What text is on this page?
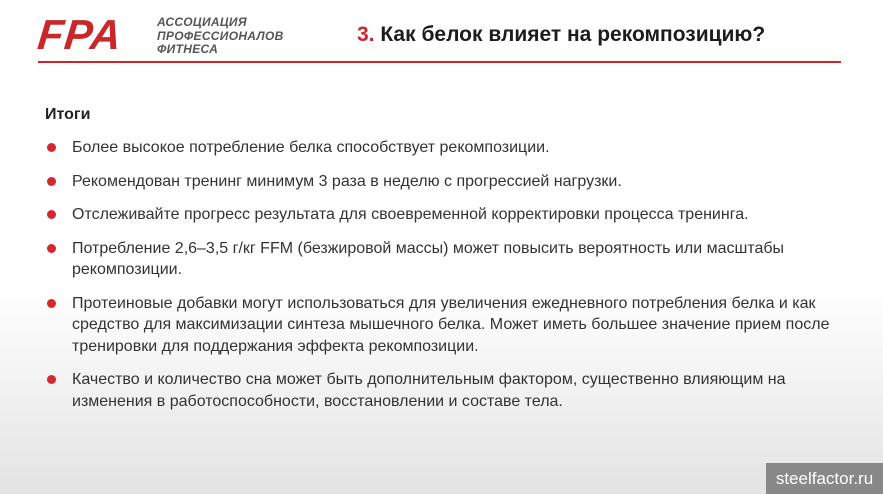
FPA	АССОЦИАЦИЯ
ПРОФЕССИОНАЛОВ
ФИТНЕСА
3. Как белок влияет на рекомпозицию?
Итоги
Более высокое потребление белка способствует рекомпозиции.
Рекомендован тренинг минимум 3 раза в неделю с прогрессией нагрузки.
Отслеживайте прогресс результата для своевременной корректировки процесса тренинга.
Потребление 2,6–3,5 г/кг FFM (безжировой массы) может повысить вероятность или масштабы рекомпозиции.
Протеиновые добавки могут использоваться для увеличения ежедневного потребления белка и как средство для максимизации синтеза мышечного белка. Может иметь большее значение прием после тренировки для поддержания эффекта рекомпозиции.
Качество и количество сна может быть дополнительным фактором, существенно влияющим на изменения в работоспособности, восстановлении и составе тела.
steelfactor.ru
